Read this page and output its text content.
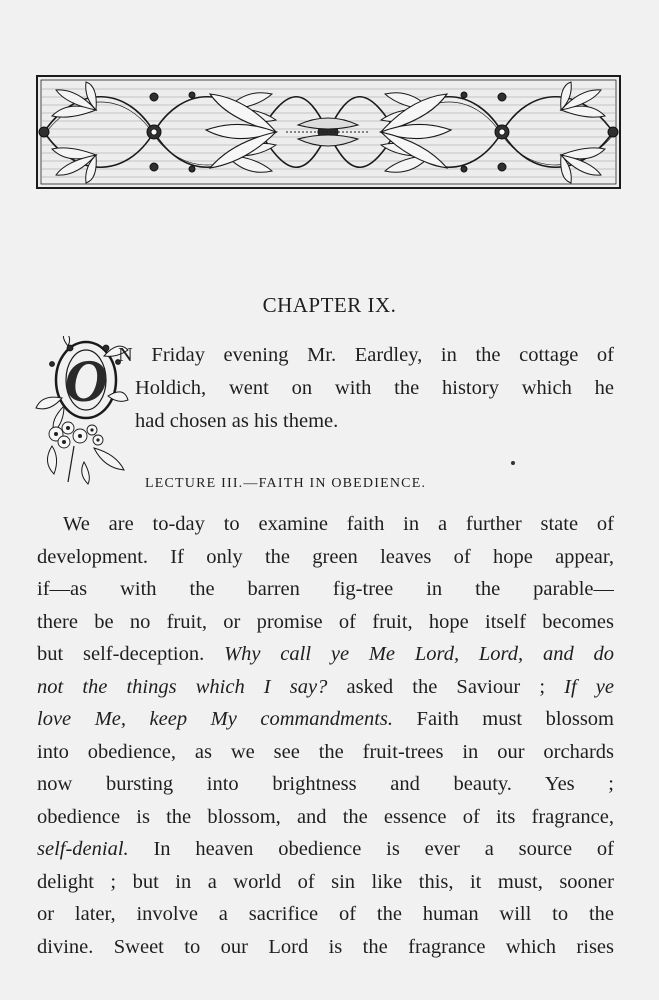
CHAPTER IX.
O N Friday evening Mr. Eardley, in the cottage of
Holdich, went on with the history which he
had chosen as his theme.
LECTURE III.—FAITH IN OBEDIENCE.
We are to-day to examine faith in a further state of
development. If only the green leaves of hope appear,
if—as with the barren fig-tree in the parable—
there be no fruit, or promise of fruit, hope itself becomes
but self-deception. Why call ye Me Lord, Lord, and do
not the things which I say? asked the Saviour ; If ye
love Me, keep My commandments. Faith must blossom
into obedience, as we see the fruit-trees in our orchards
now bursting into brightness and beauty. Yes ;
obedience is the blossom, and the essence of its fragrance,
self-denial. In heaven obedience is ever a source of
delight ; but in a world of sin like this, it must, sooner
or later, involve a sacrifice of the human will to the
divine. Sweet to our Lord is the fragrance which rises
